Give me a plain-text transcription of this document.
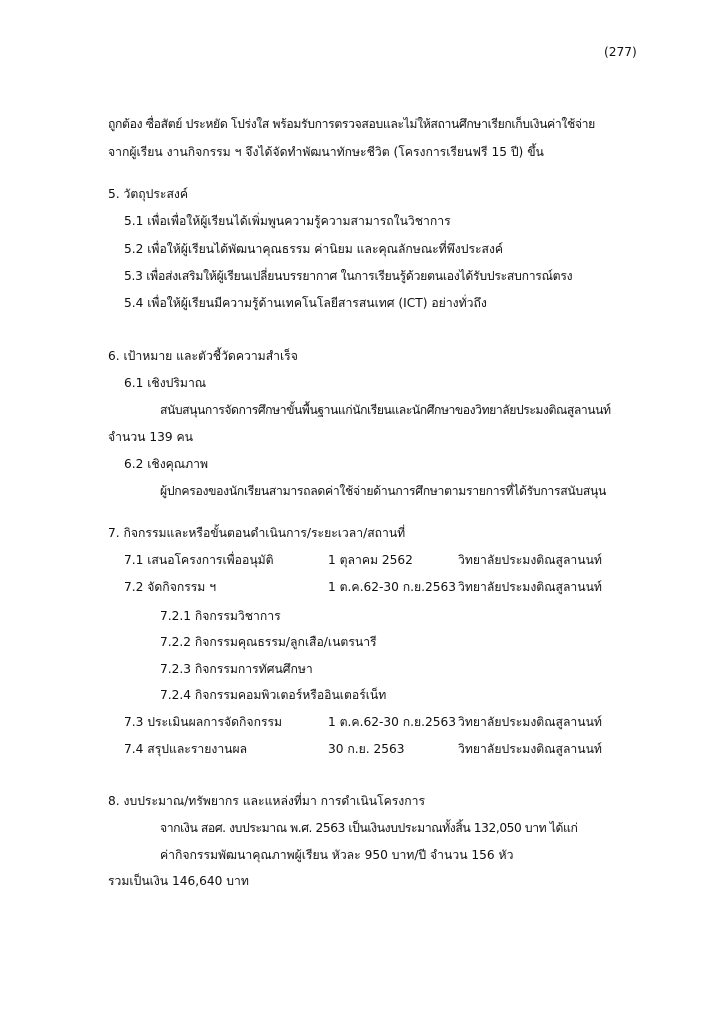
(277)
ถูกต้อง ซื่อสัตย์ ประหยัด โปร่งใส พร้อมรับการตรวจสอบและไม่ให้สถานศึกษาเรียกเก็บเงินค่าใช้จ่าย
จากผู้เรียน งานกิจกรรม ฯ จึงได้จัดทำพัฒนาทักษะชีวิต (โครงการเรียนฟรี 15 ปี) ขึ้น
5. วัตถุประสงค์
5.1 เพื่อเพื่อให้ผู้เรียนได้เพิ่มพูนความรู้ความสามารถในวิชาการ
5.2 เพื่อให้ผู้เรียนได้พัฒนาคุณธรรม ค่านิยม และคุณลักษณะที่พึงประสงค์
5.3 เพื่อส่งเสริมให้ผู้เรียนเปลี่ยนบรรยากาศ ในการเรียนรู้ด้วยตนเองได้รับประสบการณ์ตรง
5.4 เพื่อให้ผู้เรียนมีความรู้ด้านเทคโนโลยีสารสนเทศ (ICT) อย่างทั่วถึง
6. เป้าหมาย และตัวชี้วัดความสำเร็จ
6.1 เชิงปริมาณ
สนับสนุนการจัดการศึกษาขั้นพื้นฐานแก่นักเรียนและนักศึกษาของวิทยาลัยประมงติณสูลานนท์
จำนวน 139 คน
6.2 เชิงคุณภาพ
ผู้ปกครองของนักเรียนสามารถลดค่าใช้จ่ายด้านการศึกษาตามรายการที่ได้รับการสนับสนุน
7. กิจกรรมและหรือขั้นตอนดำเนินการ/ระยะเวลา/สถานที่
7.1 เสนอโครงการเพื่ออนุมัติ	1 ตุลาคม 2562	วิทยาลัยประมงติณสูลานนท์
7.2 จัดกิจกรรม ฯ	1 ต.ค.62-30 ก.ย.2563 วิทยาลัยประมงติณสูลานนท์
7.2.1 กิจกรรมวิชาการ
7.2.2 กิจกรรมคุณธรรม/ลูกเสือ/เนตรนารี
7.2.3 กิจกรรมการทัศนศึกษา
7.2.4 กิจกรรมคอมพิวเตอร์หรืออินเตอร์เน็ท
7.3 ประเมินผลการจัดกิจกรรม	1 ต.ค.62-30 ก.ย.2563 วิทยาลัยประมงติณสูลานนท์
7.4 สรุปและรายงานผล	30 ก.ย. 2563	วิทยาลัยประมงติณสูลานนท์
8. งบประมาณ/ทรัพยากร และแหล่งที่มา การดำเนินโครงการ
จากเงิน สอศ. งบประมาณ พ.ศ. 2563 เป็นเงินงบประมาณทั้งสิ้น 132,050 บาท ได้แก่
ค่ากิจกรรมพัฒนาคุณภาพผู้เรียน หัวละ 950 บาท/ปี จำนวน 156 หัว
รวมเป็นเงิน 146,640 บาท
